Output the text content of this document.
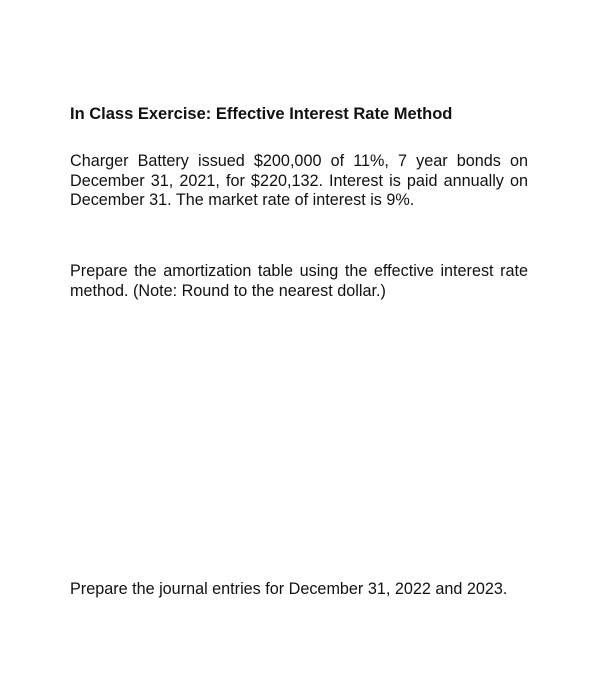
In Class Exercise: Effective Interest Rate Method

Charger Battery issued $200,000 of 11%, 7 year bonds on December 31, 2021, for $220,132. Interest is paid annually on December 31. The market rate of interest is 9%.

Prepare the amortization table using the effective interest rate method. (Note: Round to the nearest dollar.)

Prepare the journal entries for December 31, 2022 and 2023.
